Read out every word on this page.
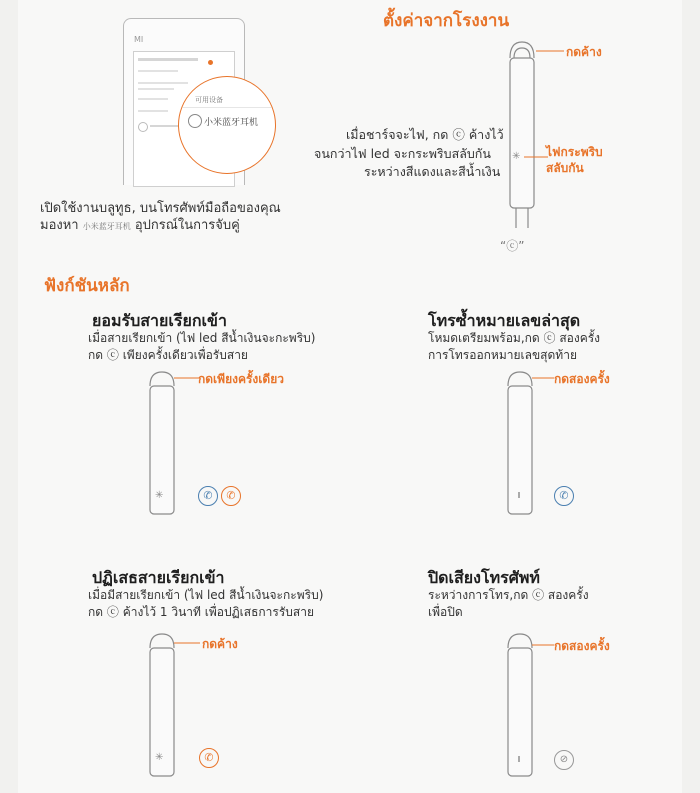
MI
可用设备
小米蓝牙耳机
เปิดใช้งานบลูทูธ, บนโทรศัพท์มือถือของคุณ
มองหา 小米蓝牙耳机 อุปกรณ์ในการจับคู่
ตั้งค่าจากโรงงาน
กดค้าง
✳ ไฟกระพริบ
สลับกัน
เมื่อชาร์จจะไฟ, กด ⓒ ค้างไว้
จนกว่าไฟ led จะกระพริบสลับกัน
ระหว่างสีแดงและสีน้ำเงิน
“ⓒ”
ฟังก์ชันหลัก
ยอมรับสายเรียกเข้า
เมื่อสายเรียกเข้า (ไฟ led สีน้ำเงินจะกะพริบ)
กด ⓒ เพียงครั้งเดียวเพื่อรับสาย
กดเพียงครั้งเดียว
✳	✆	✆
โทรซ้ำหมายเลขล่าสุด
โหมดเตรียมพร้อม,กด ⓒ สองครั้ง
การโทรออกหมายเลขสุดท้าย
กดสองครั้ง
✆
ปฏิเสธสายเรียกเข้า
เมื่อมีสายเรียกเข้า (ไฟ led สีน้ำเงินจะกะพริบ)
กด ⓒ ค้างไว้ 1 วินาที เพื่อปฏิเสธการรับสาย
กดค้าง
✳	✆
ปิดเสียงโทรศัพท์
ระหว่างการโทร,กด ⓒ สองครั้ง
เพื่อปิด
กดสองครั้ง
⊘
